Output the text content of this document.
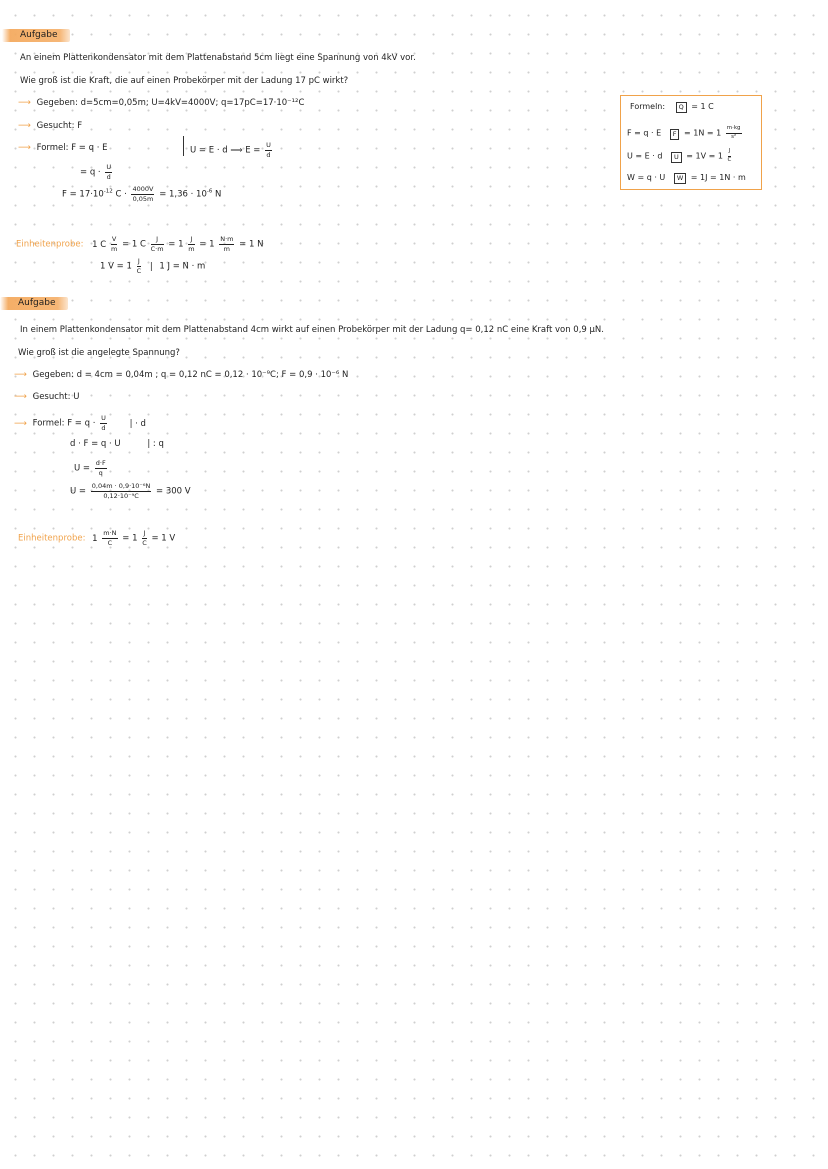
Aufgabe
An einem Plattenkondensator mit dem Plattenabstand 5cm liegt eine Spannung von 4kV vor.
Wie groß ist die Kraft, die auf einen Probekörper mit der Ladung 17 pC wirkt?
⟶ Gegeben: d=5cm=0,05m; U=4kV=4000V; q=17pC=17·10⁻¹²C
⟶ Gesucht: F
⟶ Formel: F = q · E	U = E · d ⟹ $E = \frac{U}{d}$
= $q \cdot \frac{U}{d}$
$F = 17\cdot 10^{-12}$ $C \cdot \frac{4000V}{0,05m} = 1,36 \cdot 10^{-6}$ N
Einheitenprobe: 1 C $\frac{V}{m} = 1$ C $\frac{J}{C\cdot m} = 1 \frac{J}{m} = 1 \frac{N\cdot m}{m} = 1$ N
1 $V = 1 \frac{J}{C}$ | 1 J = N · m
Formeln: Q = 1 C
F = q · E $F = 1N = 1 \frac{m\cdot kg}{\text{s²}}$
U = E · d $U = 1V = 1 \frac{J}{C}$
W = q · U W = 1J = 1N · m
Aufgabe
In einem Plattenkondensator mit dem Plattenabstand 4cm wirkt auf einen Probekörper mit der Ladung q= 0,12 nC eine Kraft von 0,9 μN.
Wie groß ist die angelegte Spannung?
⟶ Gegeben: d = 4cm = 0,04m ; q = 0,12 nC = 0,12 · 10⁻⁹C; F = 0,9 · 10⁻⁶ N
⟶ Gesucht: U
⟶ Formel: $F = q \cdot \frac{U}{d}$	| · d
d · F = q · U	| : q
$U = \frac{d\cdot F}{q}$
$U = \frac{\text{0,04m · 0,9·10⁻⁶N}}{\text{0,12·10⁻⁹C}} = 300$ V
Einheitenprobe: $1 \frac{m\cdot N}{C} = 1 \frac{J}{C} = 1$ V
